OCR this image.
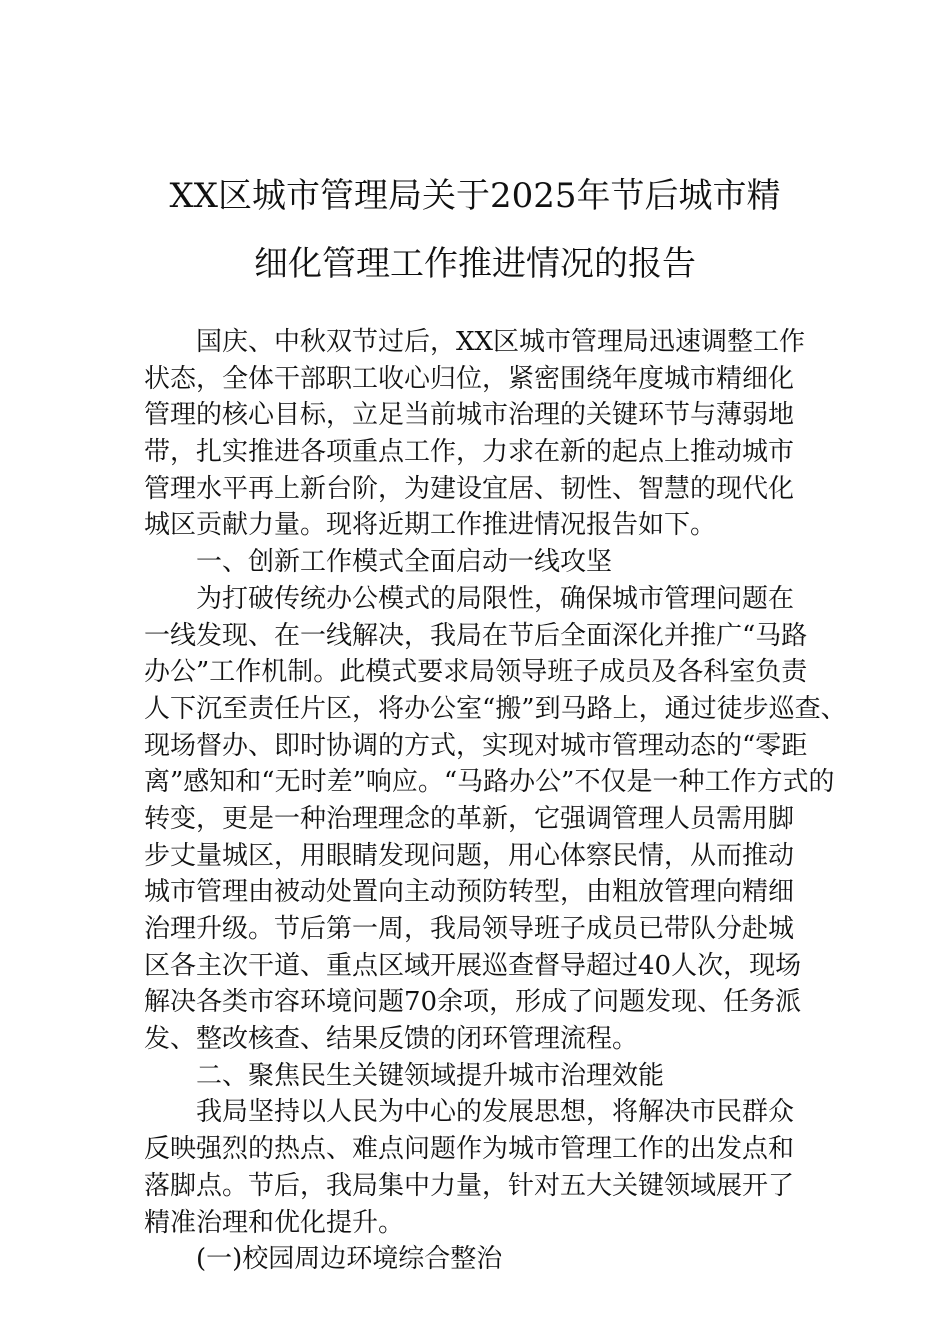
XX区城市管理局关于2025年节后城市精
细化管理工作推进情况的报告
国庆、中秋双节过后，XX区城市管理局迅速调整工作
状态，全体干部职工收心归位，紧密围绕年度城市精细化
管理的核心目标，立足当前城市治理的关键环节与薄弱地
带，扎实推进各项重点工作，力求在新的起点上推动城市
管理水平再上新台阶，为建设宜居、韧性、智慧的现代化
城区贡献力量。现将近期工作推进情况报告如下。
一、创新工作模式全面启动一线攻坚
为打破传统办公模式的局限性，确保城市管理问题在
一线发现、在一线解决，我局在节后全面深化并推广“马路
办公”工作机制。此模式要求局领导班子成员及各科室负责
人下沉至责任片区，将办公室“搬”到马路上，通过徒步巡查、
现场督办、即时协调的方式，实现对城市管理动态的“零距
离”感知和“无时差”响应。“马路办公”不仅是一种工作方式的
转变，更是一种治理理念的革新，它强调管理人员需用脚
步丈量城区，用眼睛发现问题，用心体察民情，从而推动
城市管理由被动处置向主动预防转型，由粗放管理向精细
治理升级。节后第一周，我局领导班子成员已带队分赴城
区各主次干道、重点区域开展巡查督导超过40人次，现场
解决各类市容环境问题70余项，形成了问题发现、任务派
发、整改核查、结果反馈的闭环管理流程。
二、聚焦民生关键领域提升城市治理效能
我局坚持以人民为中心的发展思想，将解决市民群众
反映强烈的热点、难点问题作为城市管理工作的出发点和
落脚点。节后，我局集中力量，针对五大关键领域展开了
精准治理和优化提升。
(一)校园周边环境综合整治
